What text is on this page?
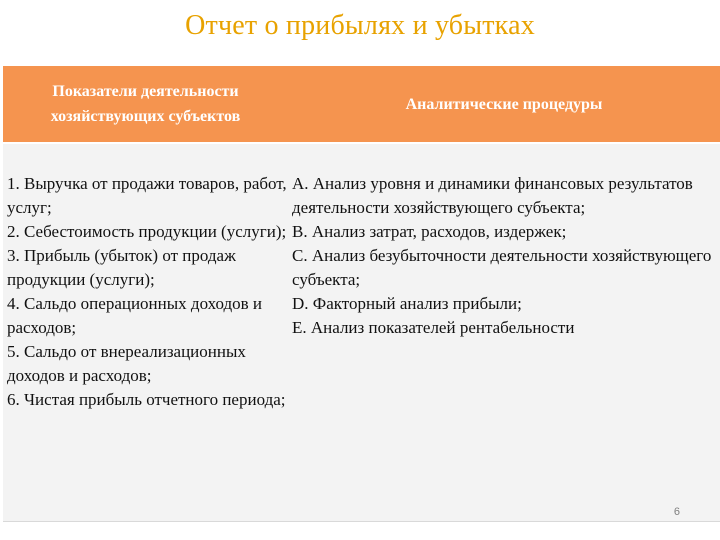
Отчет о прибылях и убытках
Показатели деятельности хозяйствующих субъектов
Аналитические процедуры
1. Выручка от продажи товаров, работ, услуг;
2. Себестоимость продукции (услуги);
3. Прибыль (убыток) от продаж продукции (услуги);
4. Сальдо операционных доходов и расходов;
5. Сальдо от внереализационных доходов и расходов;
6. Чистая прибыль отчетного периода;
A. Анализ уровня и динамики финансовых результатов деятельности хозяйствующего субъекта;
B. Анализ затрат, расходов, издержек;
C. Анализ безубыточности деятельности хозяйствующего субъекта;
D. Факторный анализ прибыли;
E. Анализ показателей рентабельности
6
